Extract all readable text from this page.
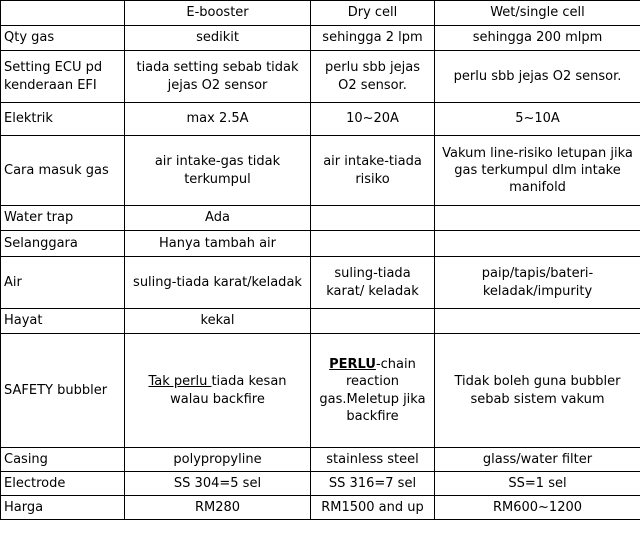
	E-booster	Dry cell	Wet/single cell
Qty gas	sedikit	sehingga 2 lpm	sehingga 200 mlpm
Setting ECU pd kenderaan EFI	tiada setting sebab tidak jejas O2 sensor	perlu sbb jejas O2 sensor.	perlu sbb jejas O2 sensor.
Elektrik	max 2.5A	10~20A	5~10A
Cara masuk gas	air intake-gas tidak terkumpul	air intake-tiada risiko	Vakum line-risiko letupan jika gas terkumpul dlm intake manifold
Water trap	Ada		
Selanggara	Hanya tambah air		
Air	suling-tiada karat/keladak	suling-tiada karat/ keladak	paip/tapis/bateri-keladak/impurity
Hayat	kekal		
SAFETY bubbler	Tak perlu tiada kesan walau backfire	PERLU-chain reaction gas.Meletup jika backfire	Tidak boleh guna bubbler sebab sistem vakum
Casing	polypropyline	stainless steel	glass/water filter
Electrode	SS 304=5 sel	SS 316=7 sel	SS=1 sel
Harga	RM280	RM1500 and up	RM600~1200
